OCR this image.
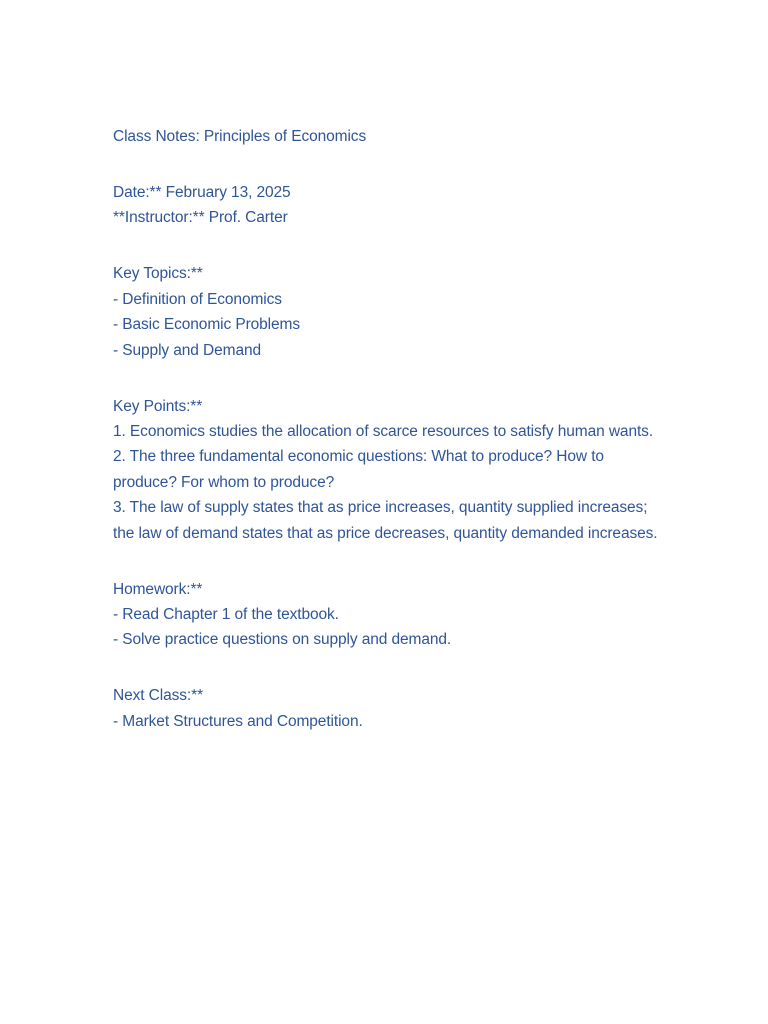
Class Notes: Principles of Economics

Date:** February 13, 2025

**Instructor:** Prof. Carter

Key Topics:**

- Definition of Economics

- Basic Economic Problems

- Supply and Demand

Key Points:**

1. Economics studies the allocation of scarce resources to satisfy human wants.

2. The three fundamental economic questions: What to produce? How to produce? For whom to produce?

3. The law of supply states that as price increases, quantity supplied increases; the law of demand states that as price decreases, quantity demanded increases.

Homework:**

- Read Chapter 1 of the textbook.

- Solve practice questions on supply and demand.

Next Class:**

- Market Structures and Competition.
